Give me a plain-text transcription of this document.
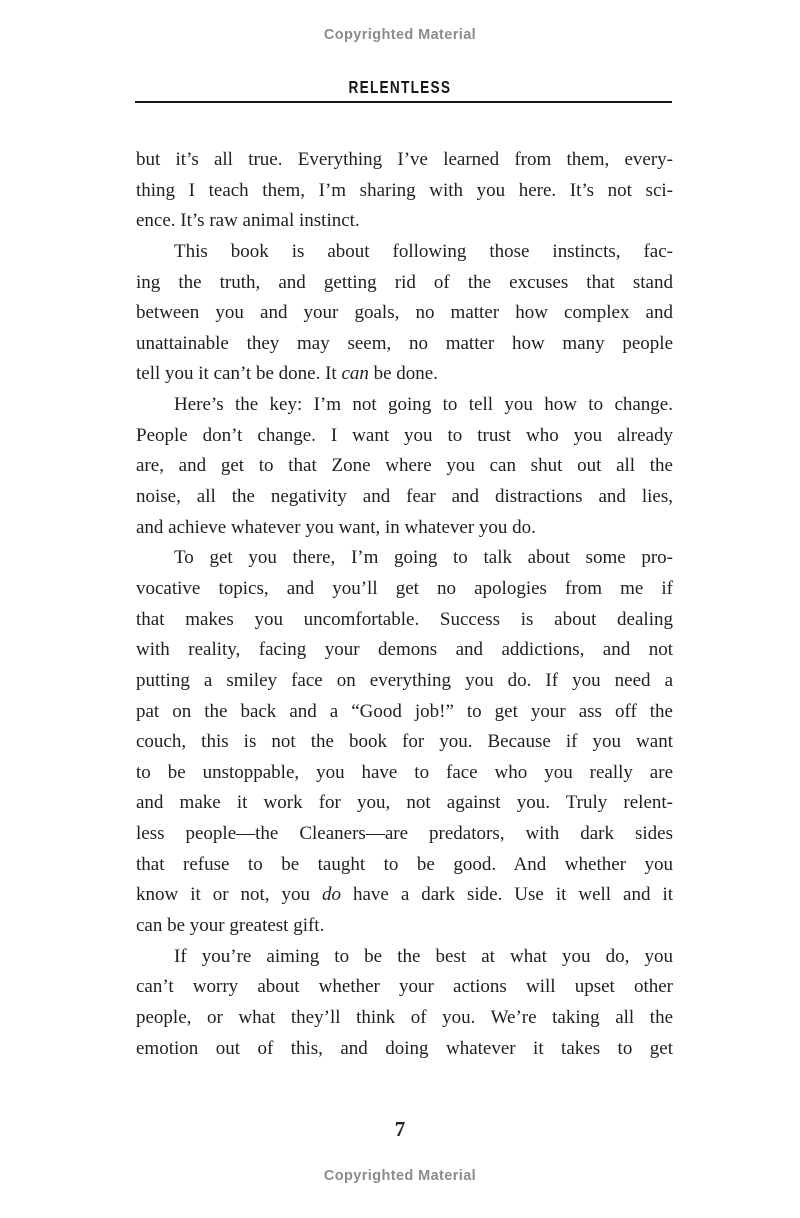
Copyrighted Material
RELENTLESS
but it’s all true. Everything I’ve learned from them, every-
thing I teach them, I’m sharing with you here. It’s not sci-
ence. It’s raw animal instinct.
This book is about following those instincts, fac-
ing the truth, and getting rid of the excuses that stand
between you and your goals, no matter how complex and
unattainable they may seem, no matter how many people
tell you it can’t be done. It can be done.
Here’s the key: I’m not going to tell you how to change.
People don’t change. I want you to trust who you already
are, and get to that Zone where you can shut out all the
noise, all the negativity and fear and distractions and lies,
and achieve whatever you want, in whatever you do.
To get you there, I’m going to talk about some pro-
vocative topics, and you’ll get no apologies from me if
that makes you uncomfortable. Success is about dealing
with reality, facing your demons and addictions, and not
putting a smiley face on everything you do. If you need a
pat on the back and a “Good job!” to get your ass off the
couch, this is not the book for you. Because if you want
to be unstoppable, you have to face who you really are
and make it work for you, not against you. Truly relent-
less people—the Cleaners—are predators, with dark sides
that refuse to be taught to be good. And whether you
know it or not, you do have a dark side. Use it well and it
can be your greatest gift.
If you’re aiming to be the best at what you do, you
can’t worry about whether your actions will upset other
people, or what they’ll think of you. We’re taking all the
emotion out of this, and doing whatever it takes to get
7
Copyrighted Material
